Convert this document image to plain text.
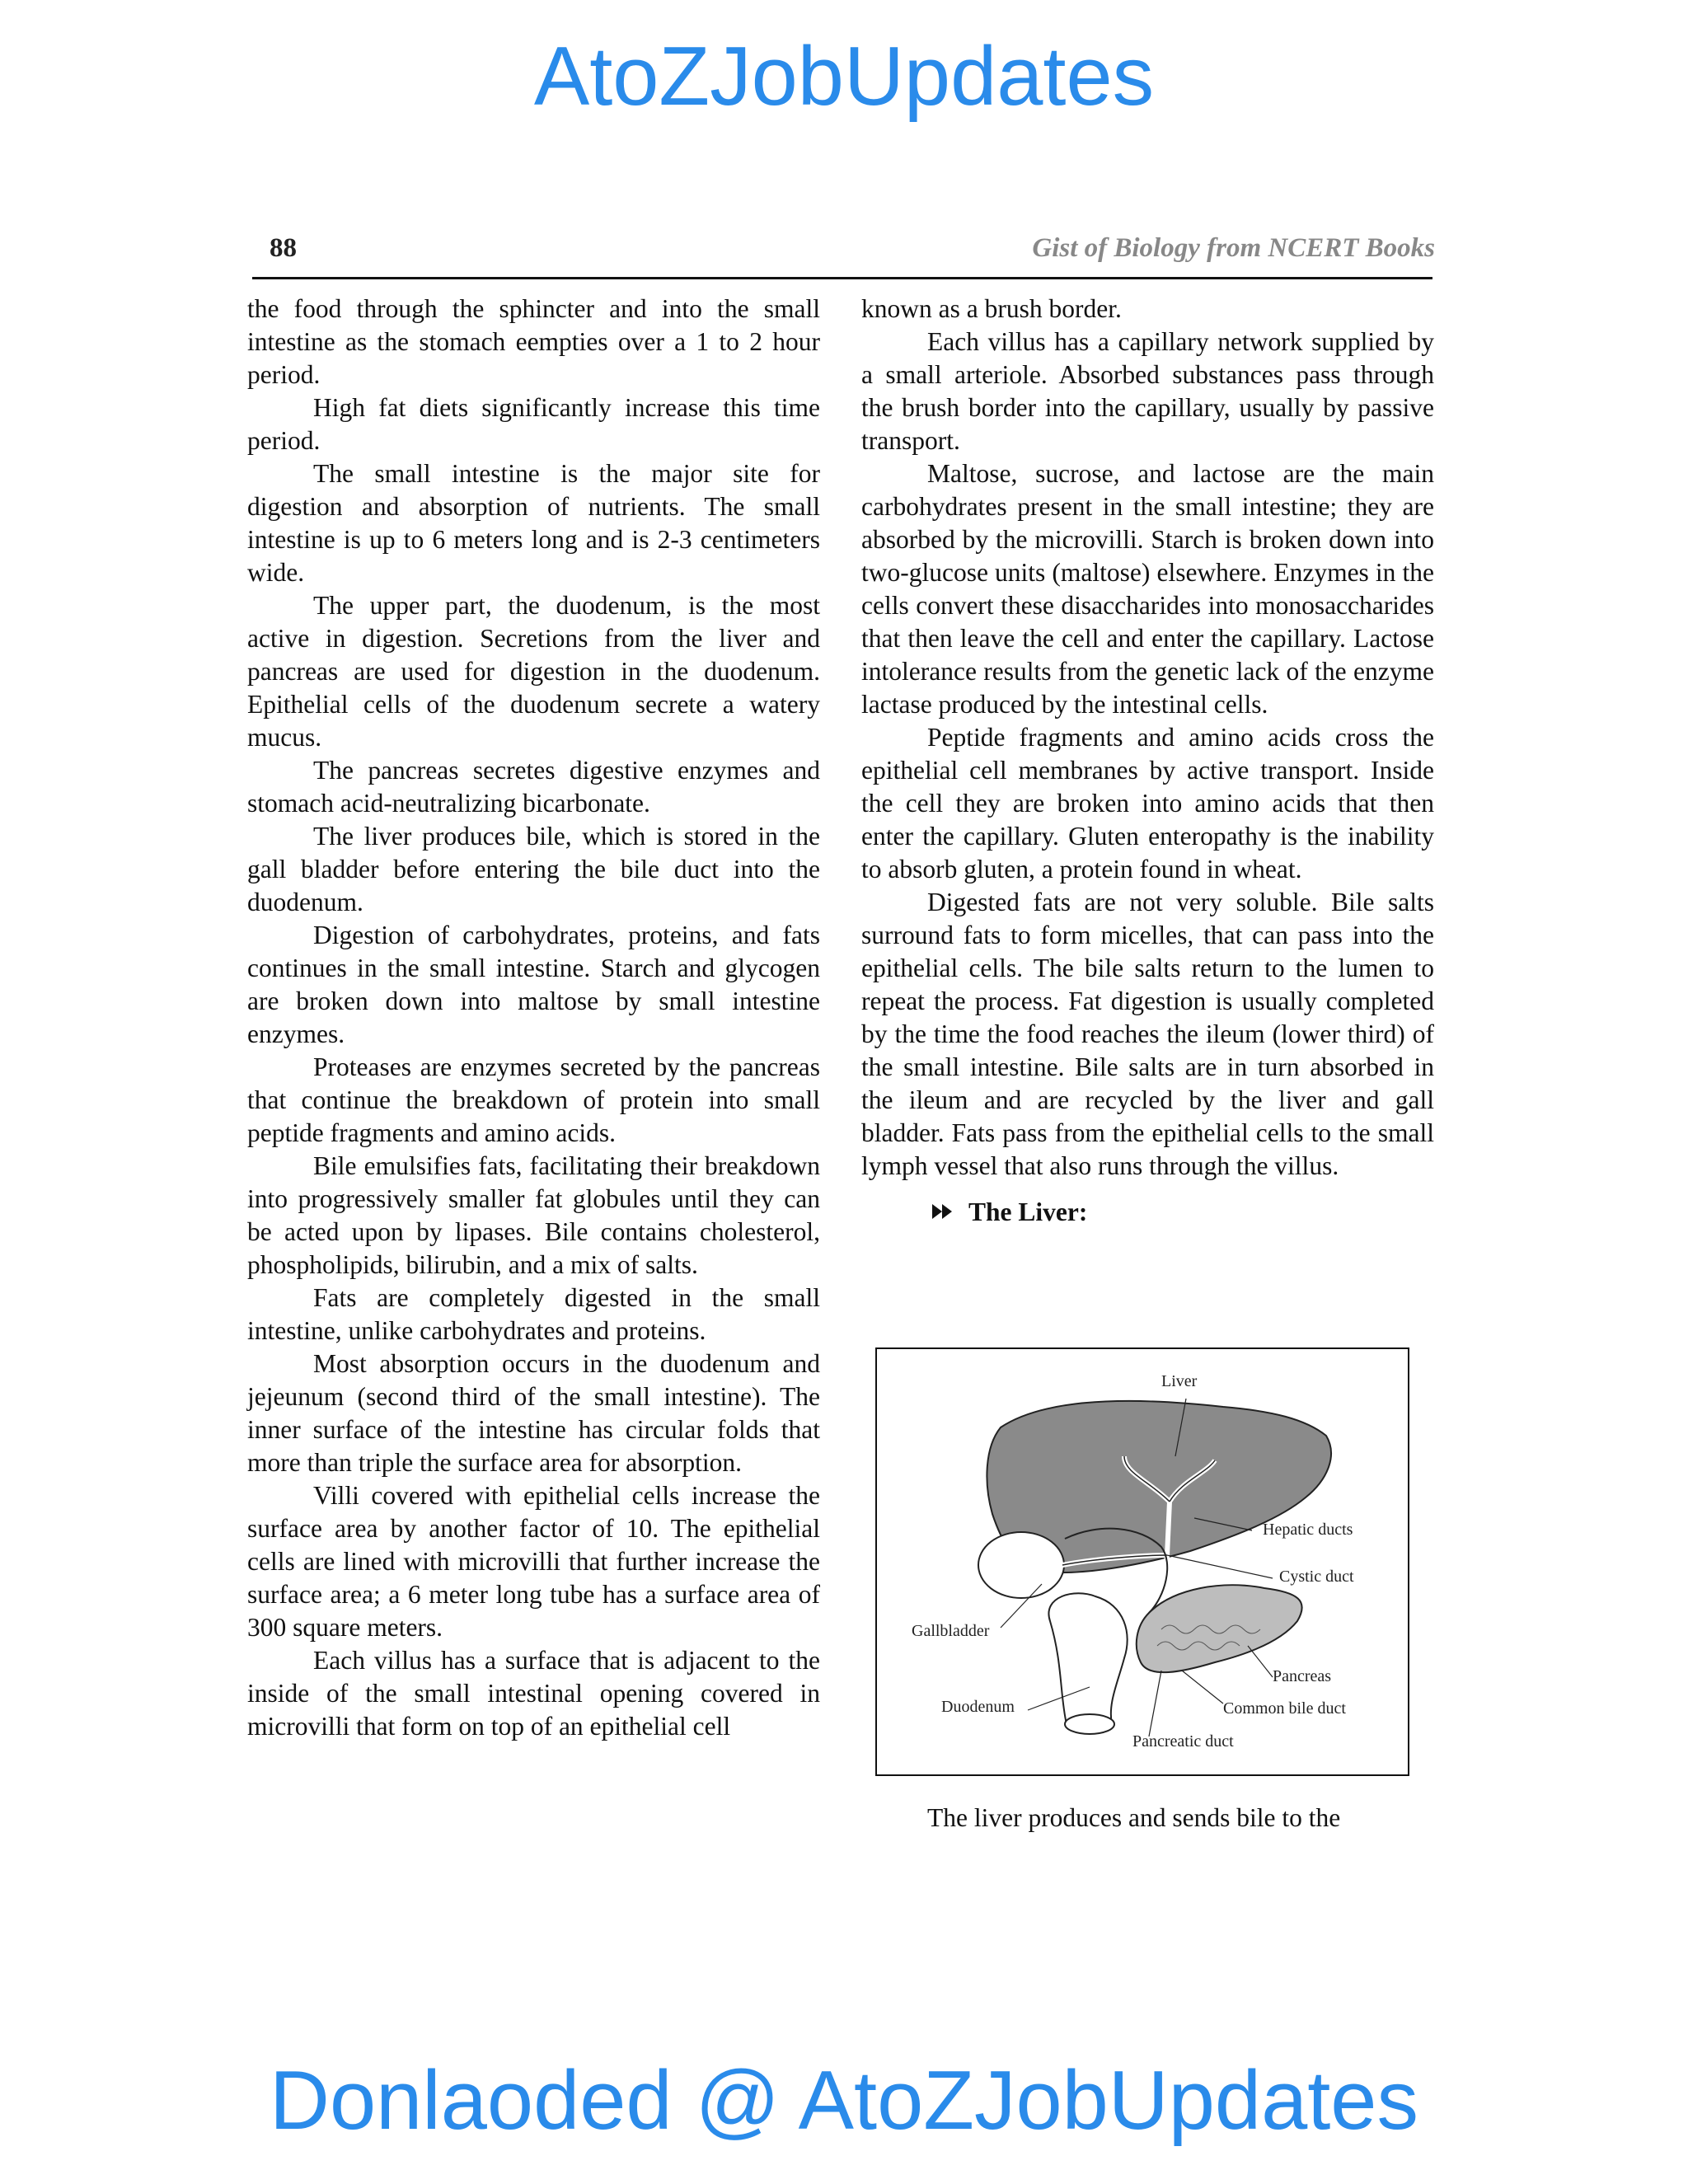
AtoZJobUpdates
88	Gist of Biology from NCERT Books

the food through the sphincter and into the small intestine as the stomach eempties over a 1 to 2 hour period.

High fat diets significantly increase this time period.

The small intestine is the major site for digestion and absorption of nutrients. The small intestine is up to 6 meters long and is 2-3 centimeters wide.

The upper part, the duodenum, is the most active in digestion. Secretions from the liver and pancreas are used for digestion in the duodenum. Epithelial cells of the duodenum secrete a watery mucus.

The pancreas secretes digestive enzymes and stomach acid-neutralizing bicarbonate.

The liver produces bile, which is stored in the gall bladder before entering the bile duct into the duodenum.

Digestion of carbohydrates, proteins, and fats continues in the small intestine. Starch and glycogen are broken down into maltose by small intestine enzymes.

Proteases are enzymes secreted by the pancreas that continue the breakdown of protein into small peptide fragments and amino acids.

Bile emulsifies fats, facilitating their breakdown into progressively smaller fat globules until they can be acted upon by lipases. Bile contains cholesterol, phospholipids, bilirubin, and a mix of salts.

Fats are completely digested in the small intestine, unlike carbohydrates and proteins.

Most absorption occurs in the duodenum and jejeunum (second third of the small intestine). The inner surface of the intestine has circular folds that more than triple the surface area for absorption.

Villi covered with epithelial cells increase the surface area by another factor of 10. The epithelial cells are lined with microvilli that further increase the surface area; a 6 meter long tube has a surface area of 300 square meters.

Each villus has a surface that is adjacent to the inside of the small intestinal opening covered in microvilli that form on top of an epithelial cell

known as a brush border.

Each villus has a capillary network supplied by a small arteriole. Absorbed substances pass through the brush border into the capillary, usually by passive transport.

Maltose, sucrose, and lactose are the main carbohydrates present in the small intestine; they are absorbed by the microvilli. Starch is broken down into two-glucose units (maltose) elsewhere. Enzymes in the cells convert these disaccharides into monosaccharides that then leave the cell and enter the capillary. Lactose intolerance results from the genetic lack of the enzyme lactase produced by the intestinal cells.

Peptide fragments and amino acids cross the epithelial cell membranes by active transport. Inside the cell they are broken into amino acids that then enter the capillary. Gluten enteropathy is the inability to absorb gluten, a protein found in wheat.

Digested fats are not very soluble. Bile salts surround fats to form micelles, that can pass into the epithelial cells. The bile salts return to the lumen to repeat the process. Fat digestion is usually completed by the time the food reaches the ileum (lower third) of the small intestine. Bile salts are in turn absorbed in the ileum and are recycled by the liver and gall bladder. Fats pass from the epithelial cells to the small lymph vessel that also runs through the villus.

The Liver:
Liver
Hepatic ducts
Cystic duct
Gallbladder
Pancreas
Common bile duct
Duodenum
Pancreatic duct
The liver produces and sends bile to the
Donlaoded @ AtoZJobUpdates
